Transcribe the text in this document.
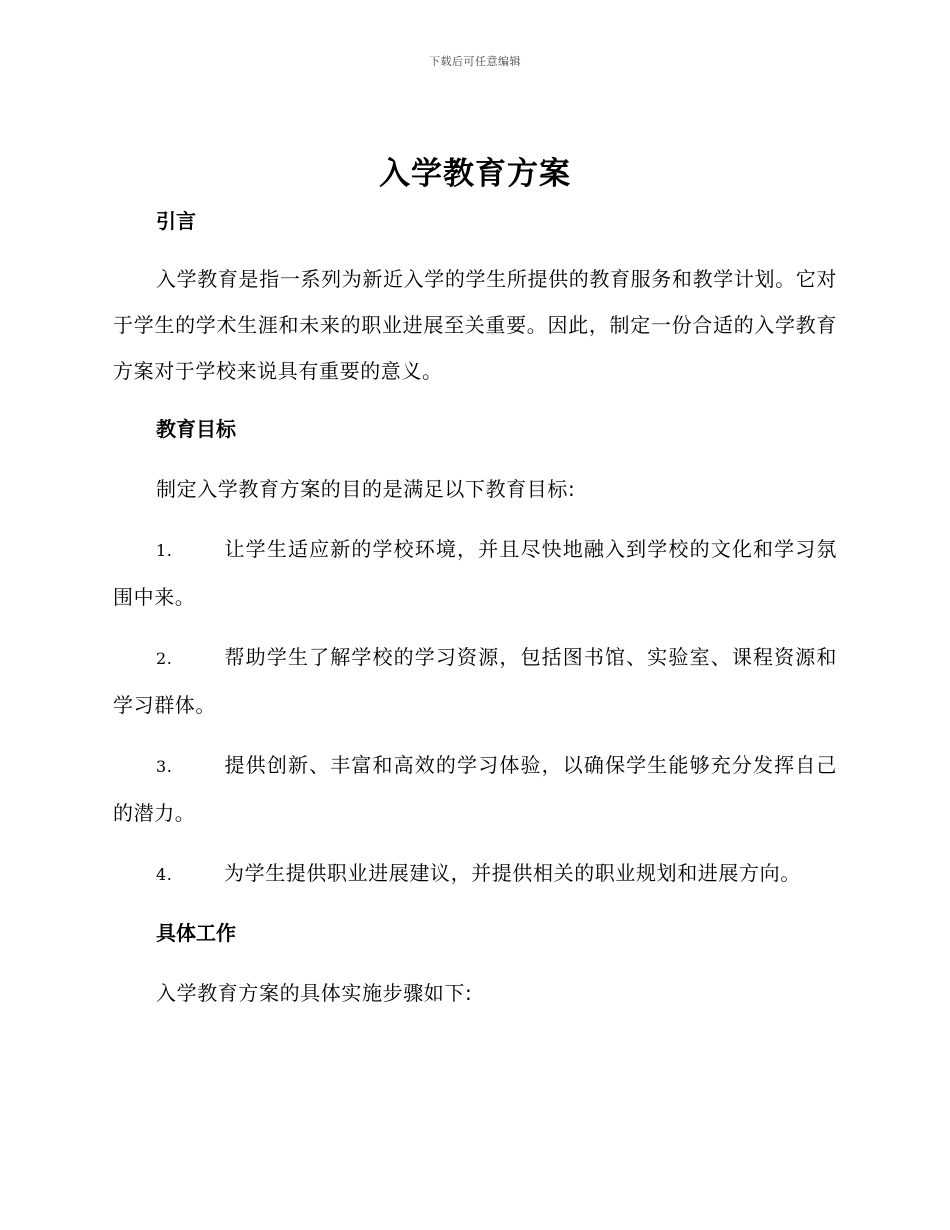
下载后可任意编辑
入学教育方案
引言
入学教育是指一系列为新近入学的学生所提供的教育服务和教学计划。它对于学生的学术生涯和未来的职业进展至关重要。因此，制定一份合适的入学教育方案对于学校来说具有重要的意义。
教育目标
制定入学教育方案的目的是满足以下教育目标:
1.	让学生适应新的学校环境，并且尽快地融入到学校的文化和学习氛围中来。
2.	帮助学生了解学校的学习资源，包括图书馆、实验室、课程资源和学习群体。
3.	提供创新、丰富和高效的学习体验，以确保学生能够充分发挥自己的潜力。
4.	为学生提供职业进展建议，并提供相关的职业规划和进展方向。
具体工作
入学教育方案的具体实施步骤如下:
